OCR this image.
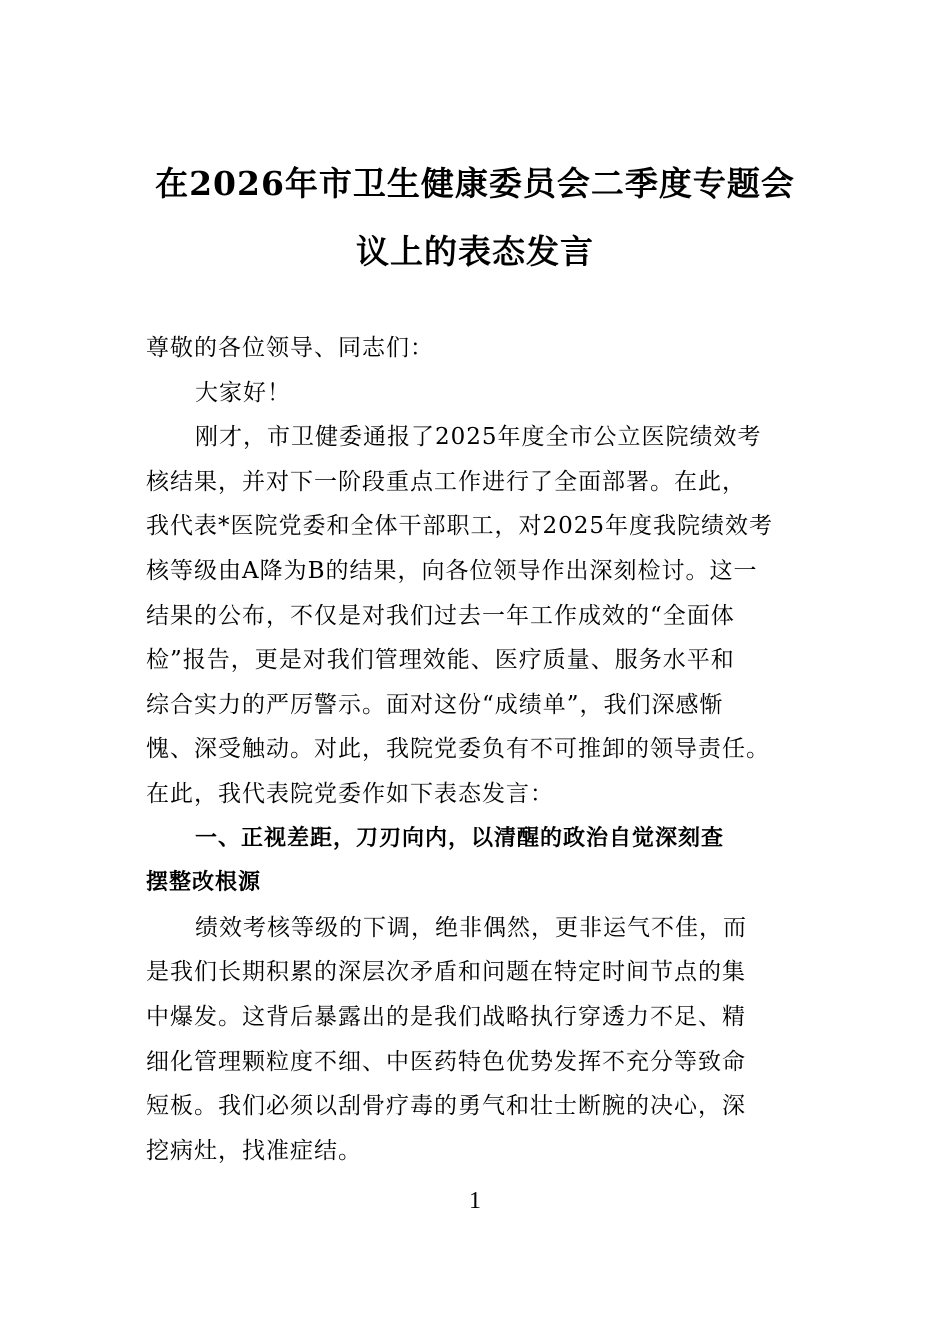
在2026年市卫生健康委员会二季度专题会
议上的表态发言
尊敬的各位领导、同志们：
大家好！
刚才，市卫健委通报了2025年度全市公立医院绩效考
核结果，并对下一阶段重点工作进行了全面部署。在此，
我代表*医院党委和全体干部职工，对2025年度我院绩效考
核等级由A降为B的结果，向各位领导作出深刻检讨。这一
结果的公布，不仅是对我们过去一年工作成效的“全面体
检”报告，更是对我们管理效能、医疗质量、服务水平和
综合实力的严厉警示。面对这份“成绩单”，我们深感惭
愧、深受触动。对此，我院党委负有不可推卸的领导责任。
在此，我代表院党委作如下表态发言：
一、正视差距，刀刃向内，以清醒的政治自觉深刻查
摆整改根源
绩效考核等级的下调，绝非偶然，更非运气不佳，而
是我们长期积累的深层次矛盾和问题在特定时间节点的集
中爆发。这背后暴露出的是我们战略执行穿透力不足、精
细化管理颗粒度不细、中医药特色优势发挥不充分等致命
短板。我们必须以刮骨疗毒的勇气和壮士断腕的决心，深
挖病灶，找准症结。
1
